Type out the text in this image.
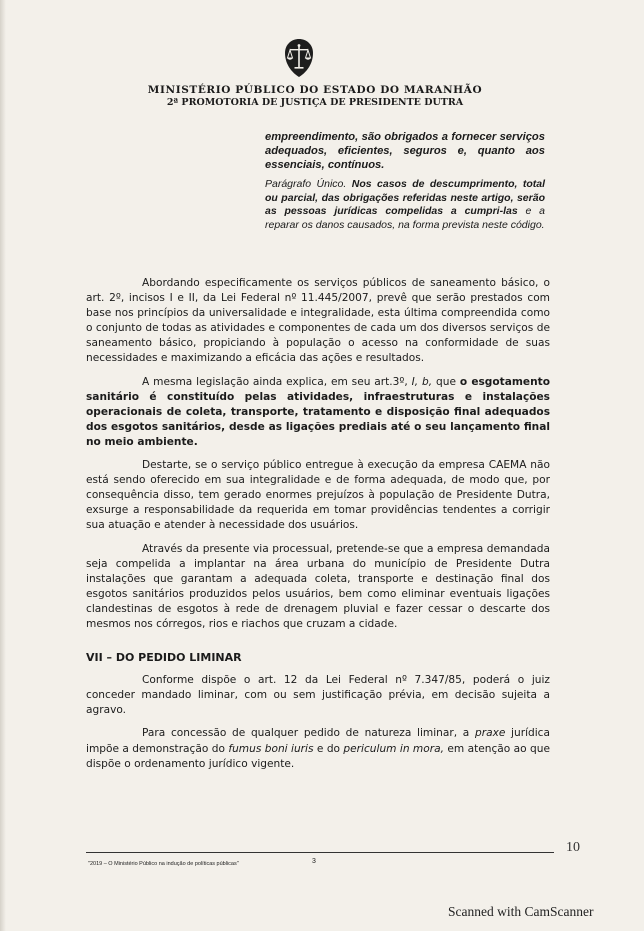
MINISTÉRIO PÚBLICO DO ESTADO DO MARANHÃO
2ª PROMOTORIA DE JUSTIÇA DE PRESIDENTE DUTRA

empreendimento, são obrigados a fornecer serviços adequados, eficientes, seguros e, quanto aos essenciais, contínuos.

Parágrafo Único. Nos casos de descumprimento, total ou parcial, das obrigações referidas neste artigo, serão as pessoas jurídicas compelidas a cumpri-las e a reparar os danos causados, na forma prevista neste código.

Abordando especificamente os serviços públicos de saneamento básico, o art. 2º, incisos I e II, da Lei Federal nº 11.445/2007, prevê que serão prestados com base nos princípios da universalidade e integralidade, esta última compreendida como o conjunto de todas as atividades e componentes de cada um dos diversos serviços de saneamento básico, propiciando à população o acesso na conformidade de suas necessidades e maximizando a eficácia das ações e resultados.

A mesma legislação ainda explica, em seu art.3º, I, b, que o esgotamento sanitário é constituído pelas atividades, infraestruturas e instalações operacionais de coleta, transporte, tratamento e disposição final adequados dos esgotos sanitários, desde as ligações prediais até o seu lançamento final no meio ambiente.

Destarte, se o serviço público entregue à execução da empresa CAEMA não está sendo oferecido em sua integralidade e de forma adequada, de modo que, por consequência disso, tem gerado enormes prejuízos à população de Presidente Dutra, exsurge a responsabilidade da requerida em tomar providências tendentes a corrigir sua atuação e atender à necessidade dos usuários.

Através da presente via processual, pretende-se que a empresa demandada seja compelida a implantar na área urbana do município de Presidente Dutra instalações que garantam a adequada coleta, transporte e destinação final dos esgotos sanitários produzidos pelos usuários, bem como eliminar eventuais ligações clandestinas de esgotos à rede de drenagem pluvial e fazer cessar o descarte dos mesmos nos córregos, rios e riachos que cruzam a cidade.

VII – DO PEDIDO LIMINAR

Conforme dispõe o art. 12 da Lei Federal nº 7.347/85, poderá o juiz conceder mandado liminar, com ou sem justificação prévia, em decisão sujeita a agravo.

Para concessão de qualquer pedido de natureza liminar, a praxe jurídica impõe a demonstração do fumus boni iuris e do periculum in mora, em atenção ao que dispõe o ordenamento jurídico vigente.

"2019 – O Ministério Público na indução de políticas públicas"	3
10
Scanned with CamScanner
